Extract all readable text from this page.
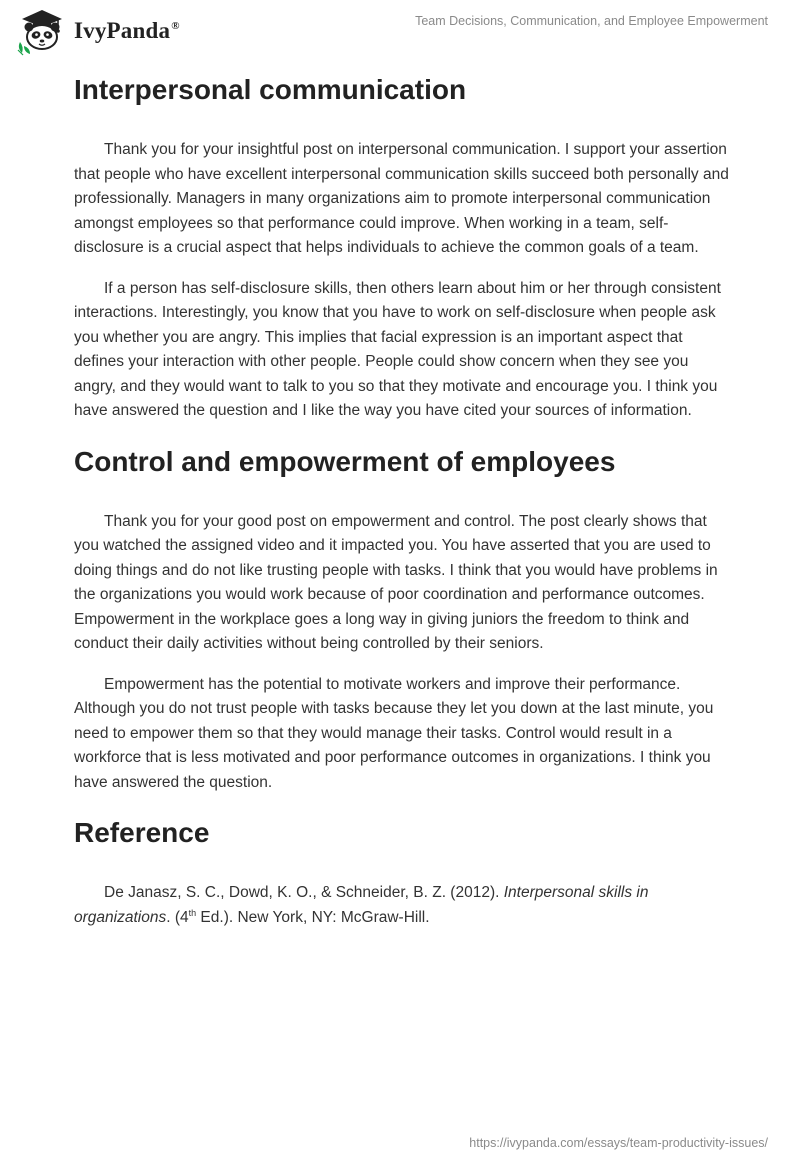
IvyPanda®	Team Decisions, Communication, and Employee Empowerment
Interpersonal communication

Thank you for your insightful post on interpersonal communication. I support your assertion that people who have excellent interpersonal communication skills succeed both personally and professionally. Managers in many organizations aim to promote interpersonal communication amongst employees so that performance could improve. When working in a team, self-disclosure is a crucial aspect that helps individuals to achieve the common goals of a team.

If a person has self-disclosure skills, then others learn about him or her through consistent interactions. Interestingly, you know that you have to work on self-disclosure when people ask you whether you are angry. This implies that facial expression is an important aspect that defines your interaction with other people. People could show concern when they see you angry, and they would want to talk to you so that they motivate and encourage you. I think you have answered the question and I like the way you have cited your sources of information.

Control and empowerment of employees

Thank you for your good post on empowerment and control. The post clearly shows that you watched the assigned video and it impacted you. You have asserted that you are used to doing things and do not like trusting people with tasks. I think that you would have problems in the organizations you would work because of poor coordination and performance outcomes. Empowerment in the workplace goes a long way in giving juniors the freedom to think and conduct their daily activities without being controlled by their seniors.

Empowerment has the potential to motivate workers and improve their performance. Although you do not trust people with tasks because they let you down at the last minute, you need to empower them so that they would manage their tasks. Control would result in a workforce that is less motivated and poor performance outcomes in organizations. I think you have answered the question.

Reference

De Janasz, S. C., Dowd, K. O., & Schneider, B. Z. (2012). Interpersonal skills in organizations. (4th Ed.). New York, NY: McGraw-Hill.

https://ivypanda.com/essays/team-productivity-issues/
